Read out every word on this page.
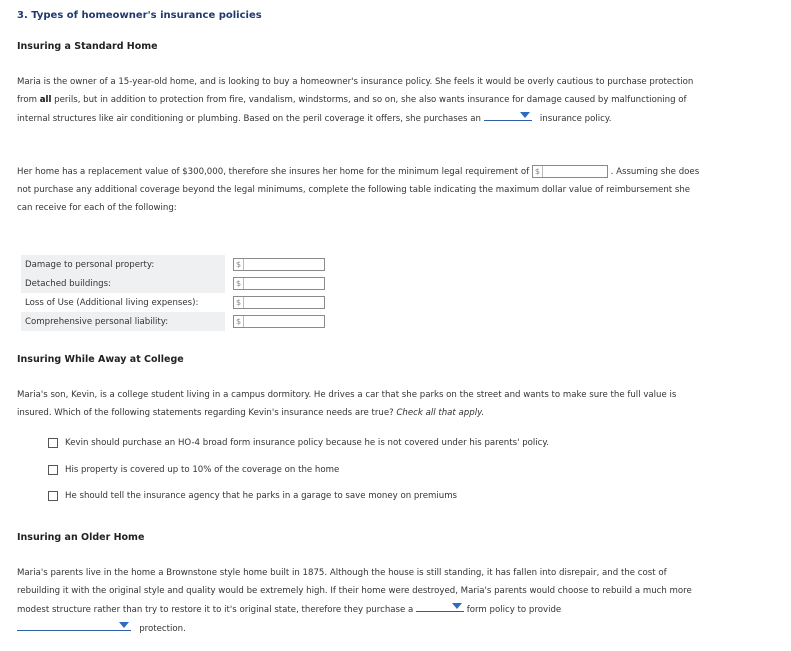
3. Types of homeowner's insurance policies
Insuring a Standard Home
Maria is the owner of a 15-year-old home, and is looking to buy a homeowner's insurance policy. She feels it would be overly cautious to purchase protection from all perils, but in addition to protection from fire, vandalism, windstorms, and so on, she also wants insurance for damage caused by malfunctioning of internal structures like air conditioning or plumbing. Based on the peril coverage it offers, she purchases an	insurance policy.
Her home has a replacement value of $300,000, therefore she insures her home for the minimum legal requirement of $	. Assuming she does not purchase any additional coverage beyond the legal minimums, complete the following table indicating the maximum dollar value of reimbursement she can receive for each of the following:
Damage to personal property:	$

Detached buildings:	$

Loss of Use (Additional living expenses):	$

Comprehensive personal liability:	$
Insuring While Away at College
Maria's son, Kevin, is a college student living in a campus dormitory. He drives a car that she parks on the street and wants to make sure the full value is insured. Which of the following statements regarding Kevin's insurance needs are true? Check all that apply.
Kevin should purchase an HO-4 broad form insurance policy because he is not covered under his parents' policy.
His property is covered up to 10% of the coverage on the home
He should tell the insurance agency that he parks in a garage to save money on premiums
Insuring an Older Home
Maria's parents live in the home a Brownstone style home built in 1875. Although the house is still standing, it has fallen into disrepair, and the cost of rebuilding it with the original style and quality would be extremely high. If their home were destroyed, Maria's parents would choose to rebuild a much more modest structure rather than try to restore it to it's original state, therefore they purchase a	form policy to provide

protection.
